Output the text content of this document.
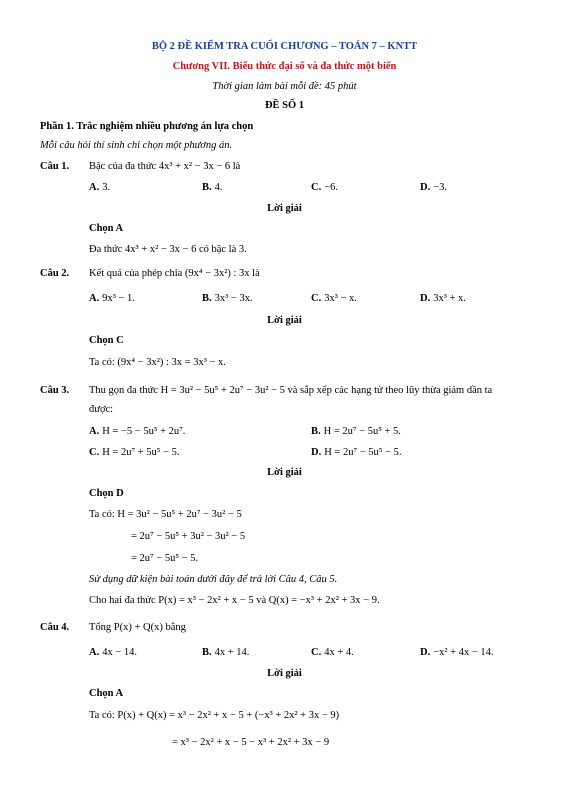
BỘ 2 ĐỀ KIỂM TRA CUỐI CHƯƠNG – TOÁN 7 – KNTT
Chương VII. Biểu thức đại số và đa thức một biến
Thời gian làm bài mỗi đề: 45 phút
ĐỀ SỐ 1
Phần 1. Trắc nghiệm nhiều phương án lựa chọn
Mỗi câu hỏi thí sinh chỉ chọn một phương án.
Câu 1. Bậc của đa thức 4x³ + x² − 3x − 6 là
A. 3.	B. 4.	C. −6.	D. −3.
Lời giải
Chọn A
Đa thức 4x³ + x² − 3x − 6 có bậc là 3.
Câu 2. Kết quả của phép chia (9x⁴ − 3x²) : 3x là
A. 9x³ − 1.	B. 3x³ − 3x.	C. 3x³ − x.	D. 3x³ + x.
Lời giải
Chọn C
Ta có: (9x⁴ − 3x²) : 3x = 3x³ − x.
Câu 3. Thu gọn đa thức H = 3u² − 5u⁵ + 2u⁷ − 3u² − 5 và sắp xếp các hạng tử theo lũy thừa giảm dần ta
được:
A. H = −5 − 5u⁵ + 2u⁷.	B. H = 2u⁷ − 5u⁵ + 5.
C. H = 2u⁷ + 5u⁵ − 5.	D. H = 2u⁷ − 5u⁵ − 5.
Lời giải
Chọn D
Ta có: H = 3u² − 5u⁵ + 2u⁷ − 3u² − 5
= 2u⁷ − 5u⁵ + 3u² − 3u² − 5
= 2u⁷ − 5u⁵ − 5.
Sử dụng dữ kiện bài toán dưới đây để trả lời Câu 4, Câu 5.
Cho hai đa thức P(x) = x³ − 2x² + x − 5 và Q(x) = −x³ + 2x² + 3x − 9.
Câu 4. Tổng P(x) + Q(x) bằng
A. 4x − 14.	B. 4x + 14.	C. 4x + 4.	D. −x² + 4x − 14.
Lời giải
Chọn A
Ta có: P(x) + Q(x) = x³ − 2x² + x − 5 + (−x³ + 2x² + 3x − 9)
= x³ − 2x² + x − 5 − x³ + 2x² + 3x − 9
